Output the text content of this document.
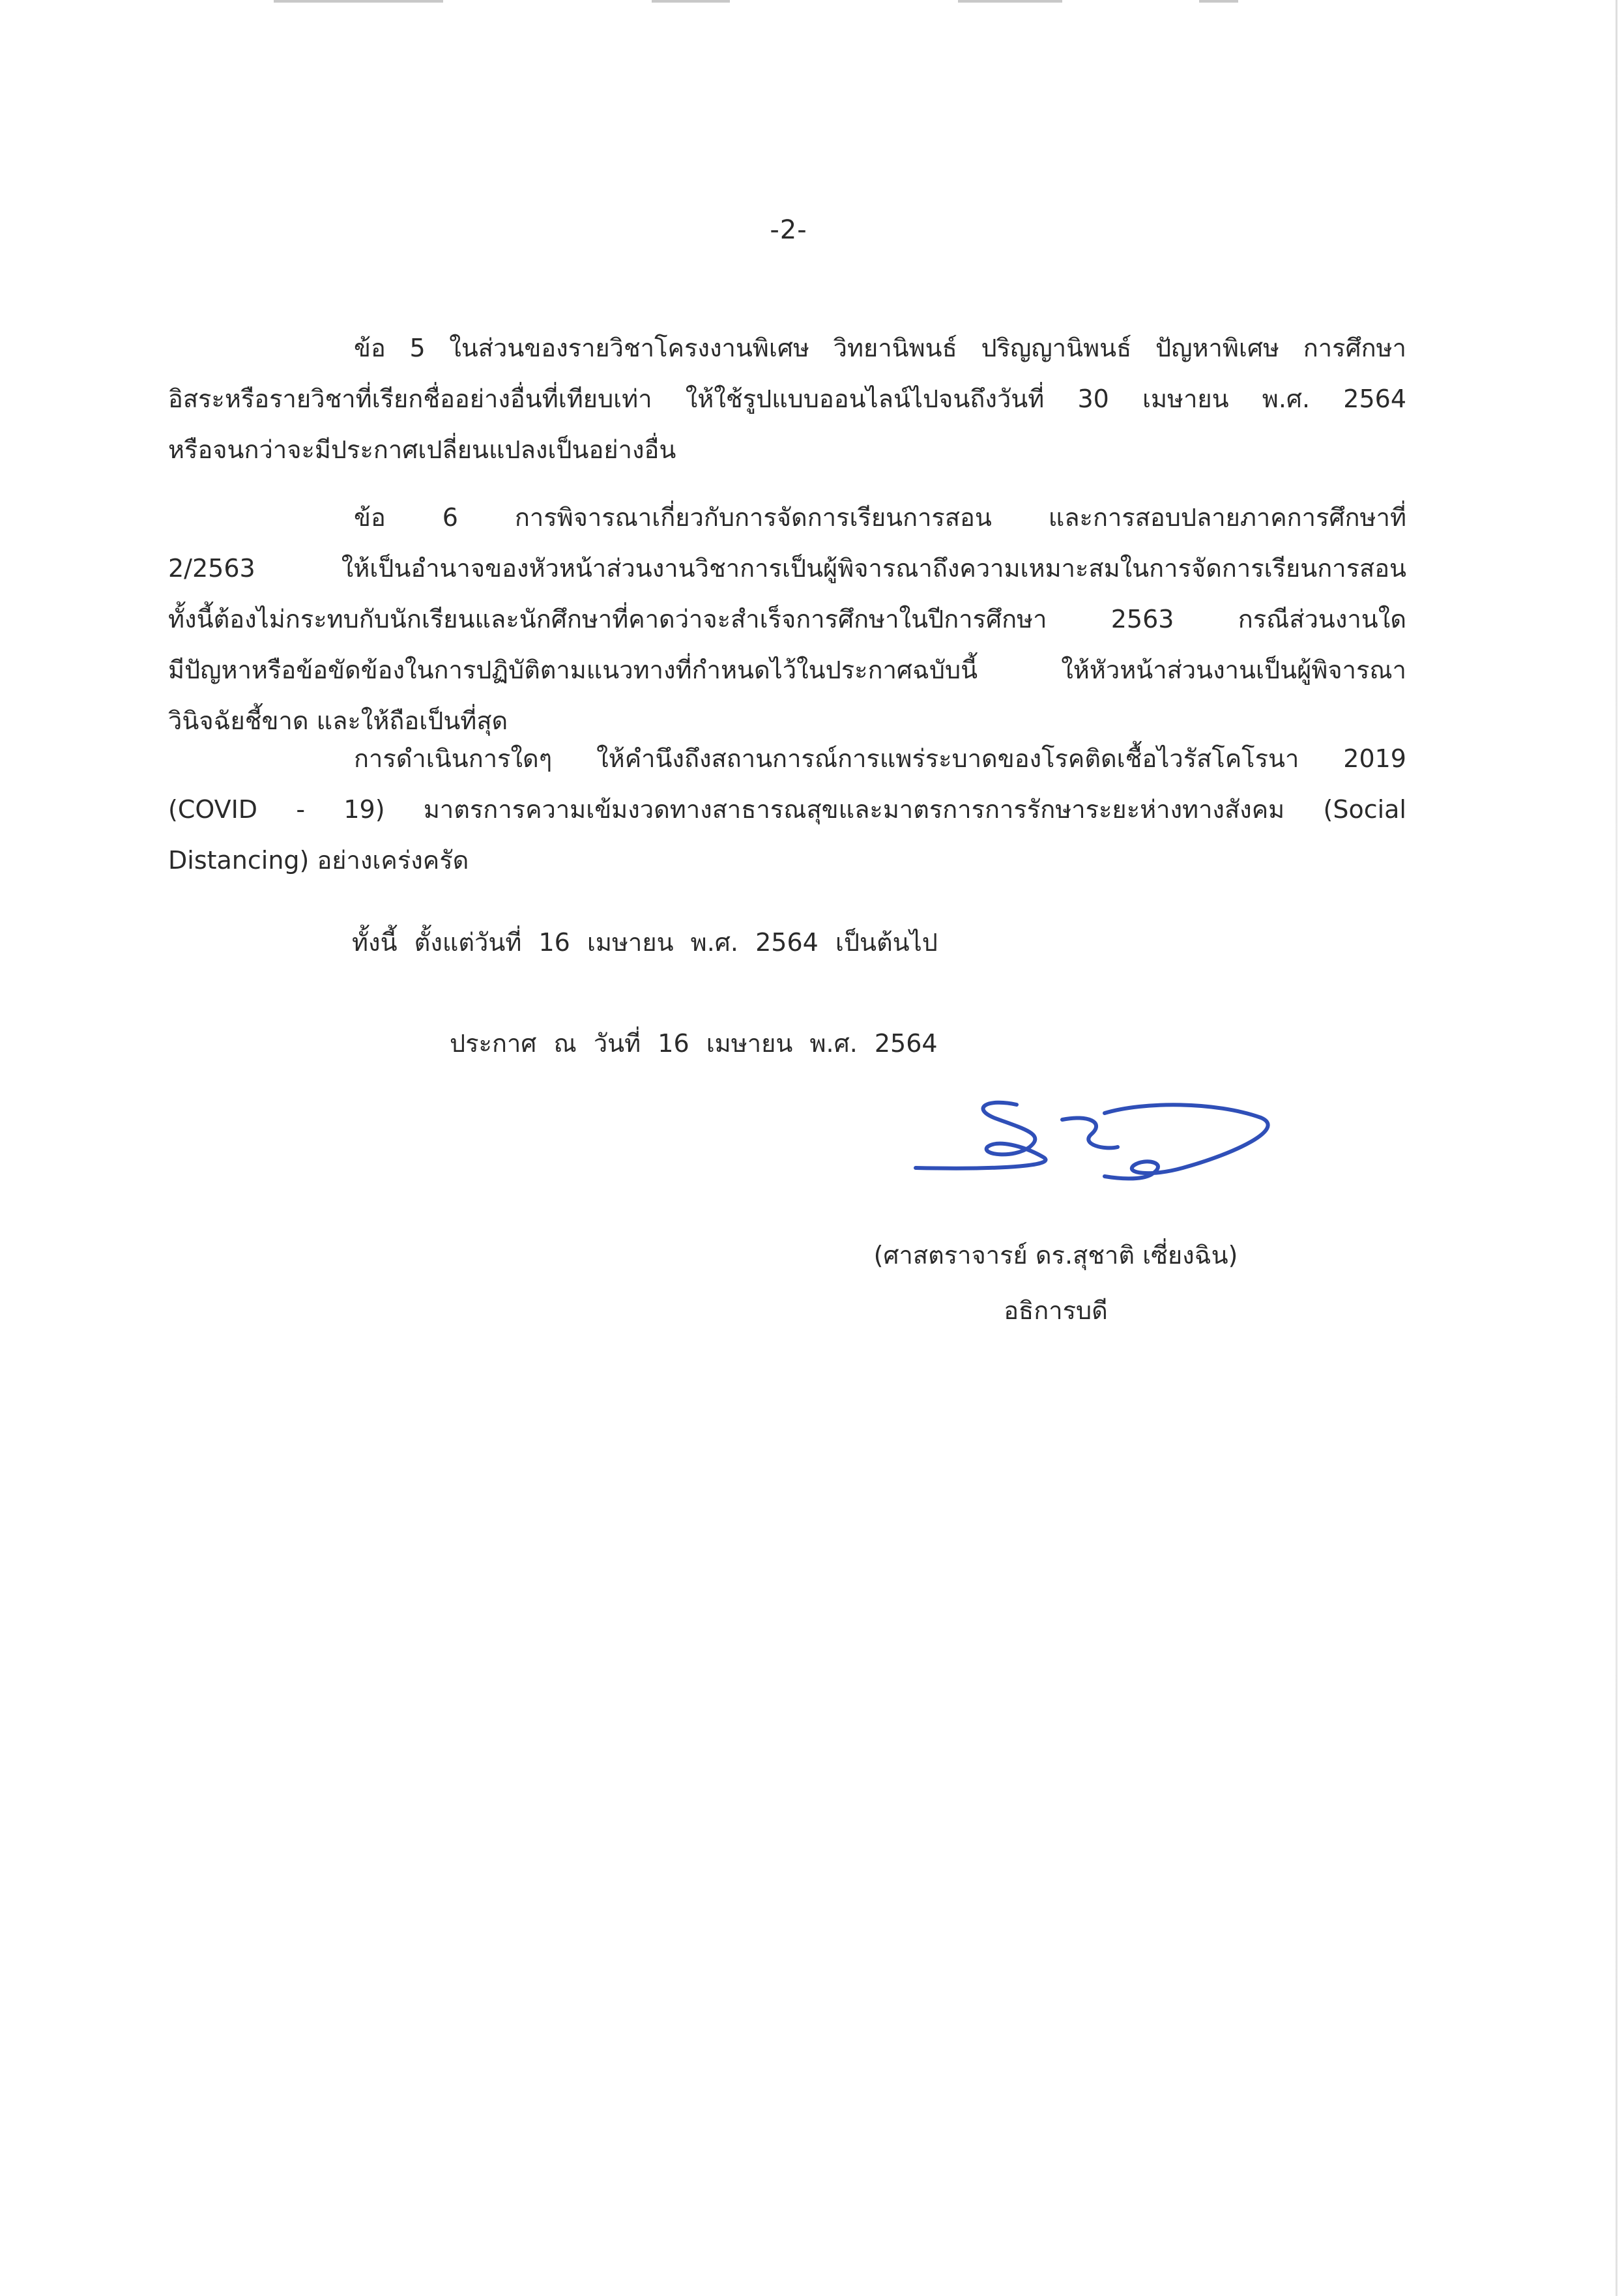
-2-
ข้อ 5 ในส่วนของรายวิชาโครงงานพิเศษ วิทยานิพนธ์ ปริญญานิพนธ์ ปัญหาพิเศษ การศึกษา
อิสระหรือรายวิชาที่เรียกชื่ออย่างอื่นที่เทียบเท่า ให้ใช้รูปแบบออนไลน์ไปจนถึงวันที่ 30 เมษายน พ.ศ. 2564
หรือจนกว่าจะมีประกาศเปลี่ยนแปลงเป็นอย่างอื่น
ข้อ 6 การพิจารณาเกี่ยวกับการจัดการเรียนการสอน และการสอบปลายภาคการศึกษาที่
2/2563 ให้เป็นอำนาจของหัวหน้าส่วนงานวิชาการเป็นผู้พิจารณาถึงความเหมาะสมในการจัดการเรียนการสอน
ทั้งนี้ต้องไม่กระทบกับนักเรียนและนักศึกษาที่คาดว่าจะสำเร็จการศึกษาในปีการศึกษา 2563 กรณีส่วนงานใด
มีปัญหาหรือข้อขัดข้องในการปฏิบัติตามแนวทางที่กำหนดไว้ในประกาศฉบับนี้ ให้หัวหน้าส่วนงานเป็นผู้พิจารณา
วินิจฉัยชี้ขาด และให้ถือเป็นที่สุด
การดำเนินการใดๆ ให้คำนึงถึงสถานการณ์การแพร่ระบาดของโรคติดเชื้อไวรัสโคโรนา 2019
(COVID - 19) มาตรการความเข้มงวดทางสาธารณสุขและมาตรการการรักษาระยะห่างทางสังคม (Social
Distancing) อย่างเคร่งครัด
ทั้งนี้ ตั้งแต่วันที่ 16 เมษายน พ.ศ. 2564 เป็นต้นไป
ประกาศ ณ วันที่ 16 เมษายน พ.ศ. 2564
(ศาสตราจารย์ ดร.สุชาติ เซี่ยงฉิน)
อธิการบดี
